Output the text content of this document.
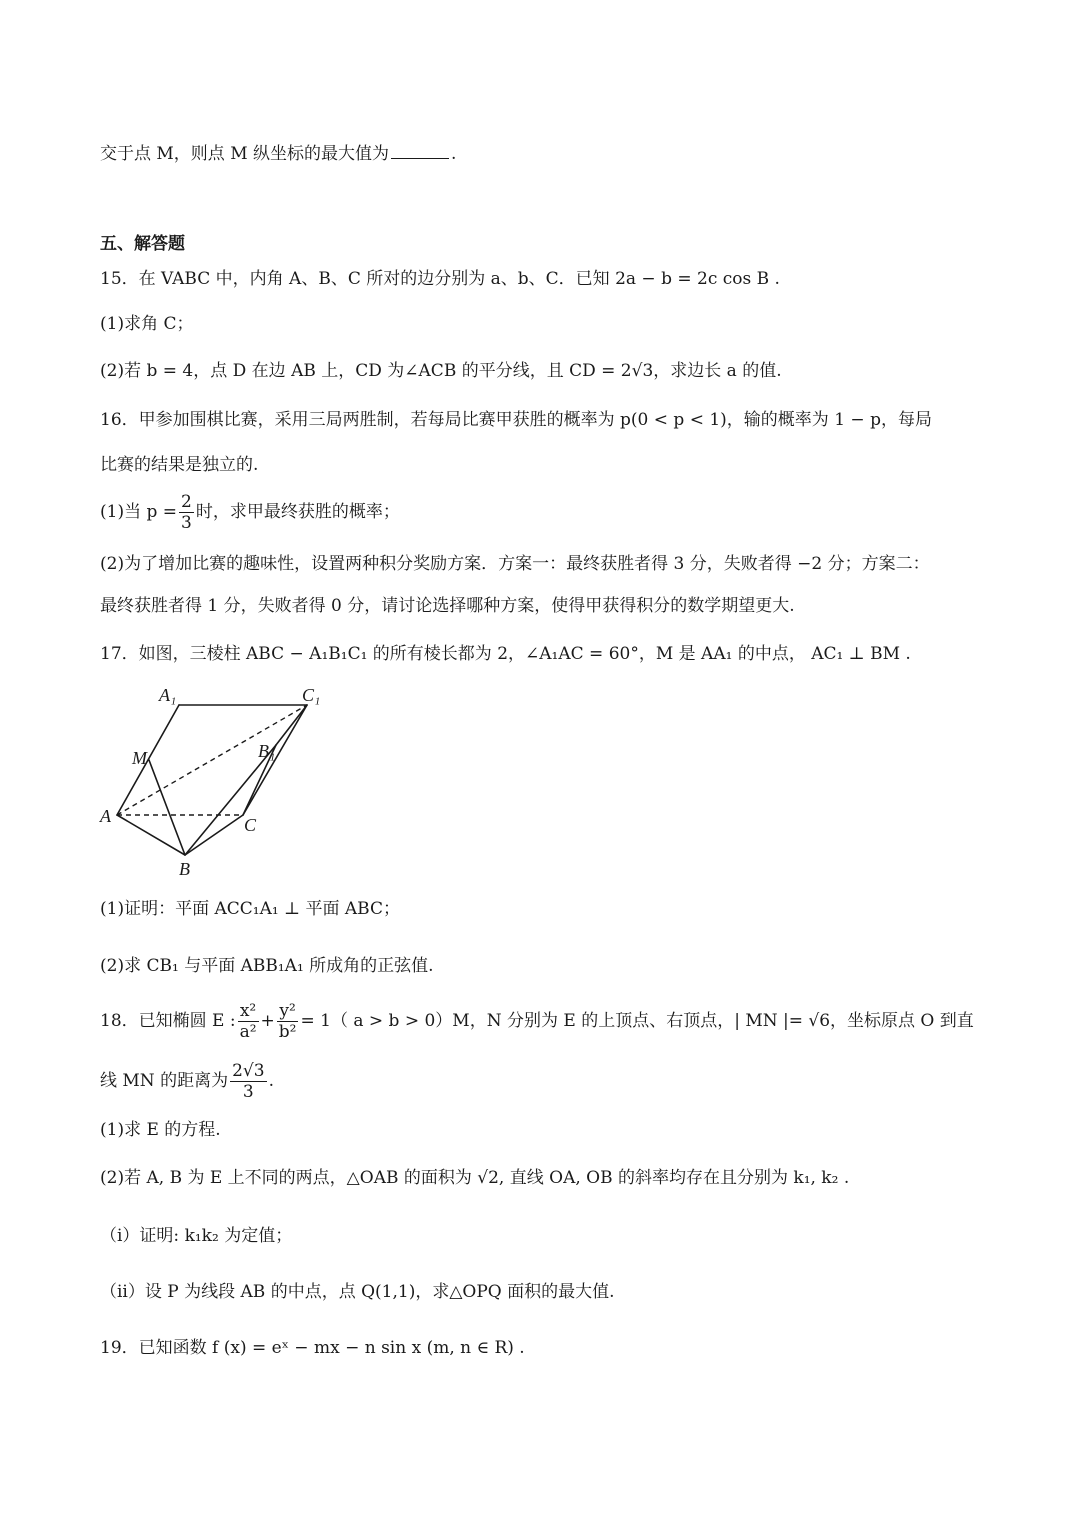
交于点 M，则点 M 纵坐标的最大值为	.
五、解答题
15．在 VABC 中，内角 A、B、C 所对的边分别为 a、b、C．已知 2a − b = 2c cos B .
(1)求角 C；
(2)若 b = 4，点 D 在边 AB 上，CD 为∠ACB 的平分线，且 CD = 2√3，求边长 a 的值.
16．甲参加围棋比赛，采用三局两胜制，若每局比赛甲获胜的概率为 p(0 < p < 1)，输的概率为 1 − p，每局
比赛的结果是独立的.
(1)当 $p = \frac{2}{3}$ 时，求甲最终获胜的概率；
(2)为了增加比赛的趣味性，设置两种积分奖励方案．方案一：最终获胜者得 3 分，失败者得 −2 分；方案二：
最终获胜者得 1 分，失败者得 0 分，请讨论选择哪种方案，使得甲获得积分的数学期望更大.
17．如图，三棱柱 ABC − A₁B₁C₁ 的所有棱长都为 2，∠A₁AC = 60°，M 是 AA₁ 的中点， AC₁ ⊥ BM .
A₁	C₁
B₁
M
A	C
B
(1)证明：平面 ACC₁A₁ ⊥ 平面 ABC；
(2)求 CB₁ 与平面 ABB₁A₁ 所成角的正弦值.
18．已知椭圆 E : $\frac{\text{x²}}{\text{a²}} + \frac{\text{y²}}{\text{b²}} = 1$（ a > b > 0）M，N 分别为 E 的上顶点、右顶点，| MN |= √6，坐标原点 O 到直
线 MN 的距离为 $\frac{2√3}{3}$ .
(1)求 E 的方程.
(2)若 A, B 为 E 上不同的两点，△OAB 的面积为 √2, 直线 OA, OB 的斜率均存在且分别为 k₁, k₂ .
（i）证明: k₁k₂ 为定值；
（ii）设 P 为线段 AB 的中点，点 Q(1,1)，求△OPQ 面积的最大值.
19．已知函数 f (x) = eˣ − mx − n sin x (m, n ∈ R) .
